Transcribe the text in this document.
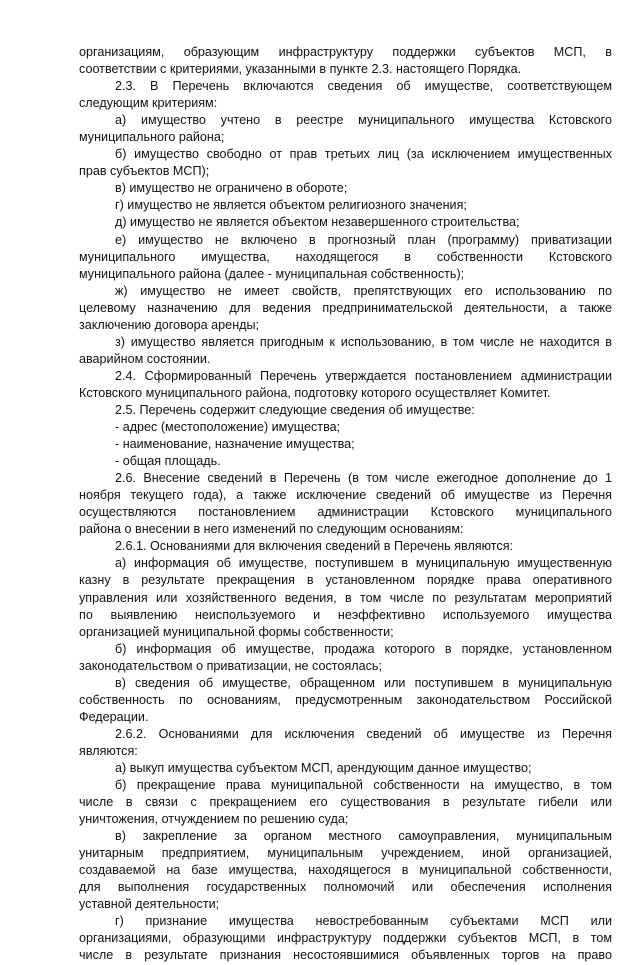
организациям, образующим инфраструктуру поддержки субъектов МСП, в
соответствии с критериями, указанными в пункте 2.3. настоящего Порядка.
2.3. В Перечень включаются сведения об имуществе, соответствующем
следующим критериям:
а) имущество учтено в реестре муниципального имущества Кстовского
муниципального района;
б) имущество свободно от прав третьих лиц (за исключением имущественных
прав субъектов МСП);
в) имущество не ограничено в обороте;
г) имущество не является объектом религиозного значения;
д) имущество не является объектом незавершенного строительства;
е) имущество не включено в прогнозный план (программу) приватизации
муниципального имущества, находящегося в собственности Кстовского
муниципального района (далее - муниципальная собственность);
ж) имущество не имеет свойств, препятствующих его использованию по
целевому назначению для ведения предпринимательской деятельности, а также
заключению договора аренды;
з) имущество является пригодным к использованию, в том числе не находится в
аварийном состоянии.
2.4. Сформированный Перечень утверждается постановлением администрации
Кстовского муниципального района, подготовку которого осуществляет Комитет.
2.5. Перечень содержит следующие сведения об имуществе:
- адрес (местоположение) имущества;
- наименование, назначение имущества;
- общая площадь.
2.6. Внесение сведений в Перечень (в том числе ежегодное дополнение до 1
ноября текущего года), а также исключение сведений об имуществе из Перечня
осуществляются постановлением администрации Кстовского муниципального
района о внесении в него изменений по следующим основаниям:
2.6.1. Основаниями для включения сведений в Перечень являются:
а) информация об имуществе, поступившем в муниципальную имущественную
казну в результате прекращения в установленном порядке права оперативного
управления или хозяйственного ведения, в том числе по результатам мероприятий
по выявлению неиспользуемого и неэффективно используемого имущества
организацией муниципальной формы собственности;
б) информация об имуществе, продажа которого в порядке, установленном
законодательством о приватизации, не состоялась;
в) сведения об имуществе, обращенном или поступившем в муниципальную
собственность по основаниям, предусмотренным законодательством Российской
Федерации.
2.6.2. Основаниями для исключения сведений об имуществе из Перечня
являются:
а) выкуп имущества субъектом МСП, арендующим данное имущество;
б) прекращение права муниципальной собственности на имущество, в том
числе в связи с прекращением его существования в результате гибели или
уничтожения, отчуждением по решению суда;
в) закрепление за органом местного самоуправления, муниципальным
унитарным предприятием, муниципальным учреждением, иной организацией,
создаваемой на базе имущества, находящегося в муниципальной собственности,
для выполнения государственных полномочий или обеспечения исполнения
уставной деятельности;
г) признание имущества невостребованным субъектами МСП или
организациями, образующими инфраструктуру поддержки субъектов МСП, в том
числе в результате признания несостоявшимися объявленных торгов на право
